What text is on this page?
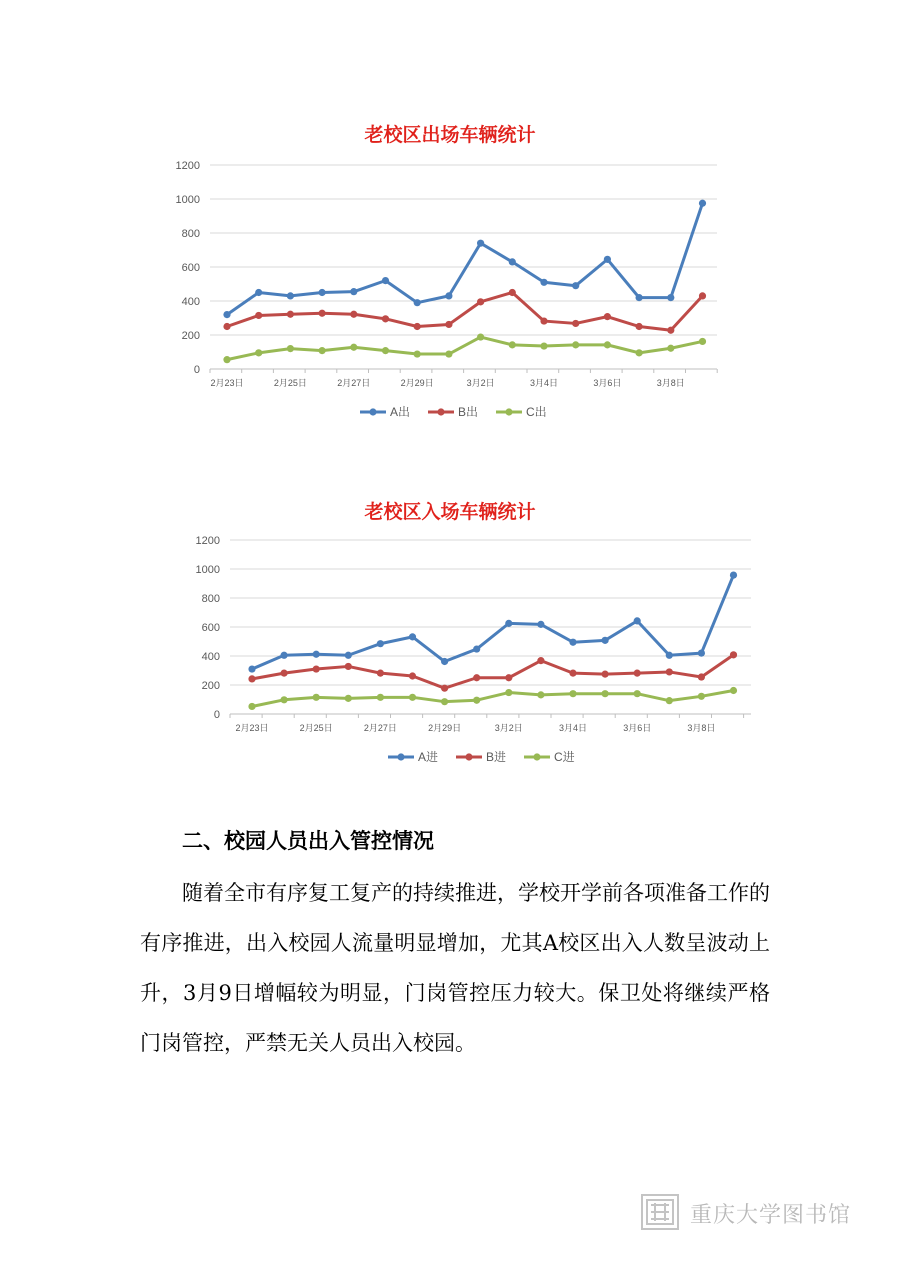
老校区出场车辆统计
0
200
400
600
800
1000
1200
2月23日	2月25日	2月27日	2月29日	3月2日	3月4日	3月6日	3月8日
A出	B出	C出
老校区入场车辆统计
0
200
400
600
800
1000
1200
2月23日	2月25日	2月27日	2月29日	3月2日	3月4日	3月6日	3月8日
A进	B进	C进
二、校园人员出入管控情况

随着全市有序复工复产的持续推进，学校开学前各项准备工作的有序推进，出入校园人流量明显增加，尤其A校区出入人数呈波动上升，3月9日增幅较为明显，门岗管控压力较大。保卫处将继续严格门岗管控，严禁无关人员出入校园。

重庆大学图书馆
